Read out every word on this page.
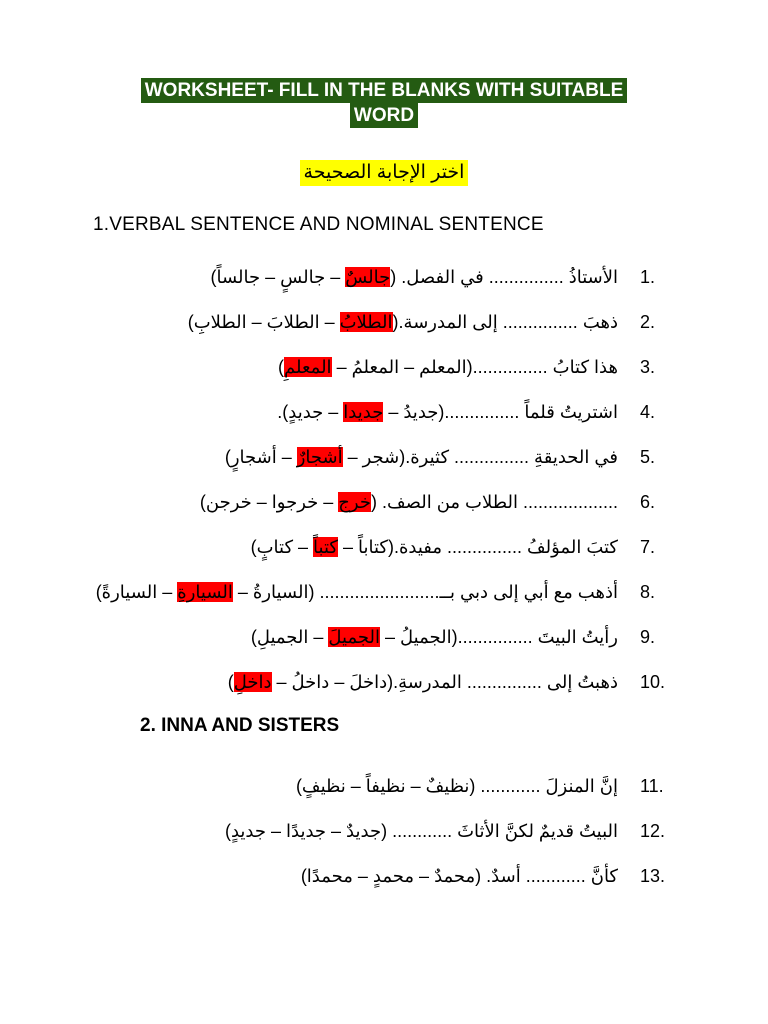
WORKSHEET- FILL IN THE BLANKS WITH SUITABLE
WORD
اختر الإجابة الصحيحة
1.VERBAL SENTENCE AND NOMINAL SENTENCE
الأستاذُ ............... في الفصل. (جالسٌ – جالسٍ – جالساً)	1.
ذهبَ ............... إلى المدرسة.(الطلابُ – الطلابَ – الطلابِ)	2.
هذا كتابُ ...............(المعلم – المعلمُ – المعلمِ)	3.
اشتريتُ قلماً ...............(جديدُ – جديدا – جديدٍ).	4.
في الحديقةِ ............... كثيرة.(شجر – أشجارٌ – أشجارٍ)	5.
................... الطلاب من الصف. (خرج – خرجوا – خرجن)	6.
كتبَ المؤلفُ ............... مفيدة.(كتاباً – كتباً – كتابٍ)	7.
أذهب مع أبي إلى دبي بــ........................ (السيارةُ – السيارةِ – السيارةً)	8.
رأيتُ البيتَ ...............(الجميلُ – الجميلَ – الجميلِ)	9.
ذهبتُ إلى ............... المدرسةِ.(داخلَ – داخلُ – داخلِ)	10.
2. INNA AND SISTERS
إنَّ المنزلَ ............ (نظيفٌ – نظيفاً – نظيفٍ) 11.
البيتُ قديمٌ لكنَّ الأثاثَ ............ (جديدٌ – جديدًا – جديدٍ) 12.
كأنَّ ............ أسدٌ. (محمدٌ – محمدٍ – محمدًا) 13.
